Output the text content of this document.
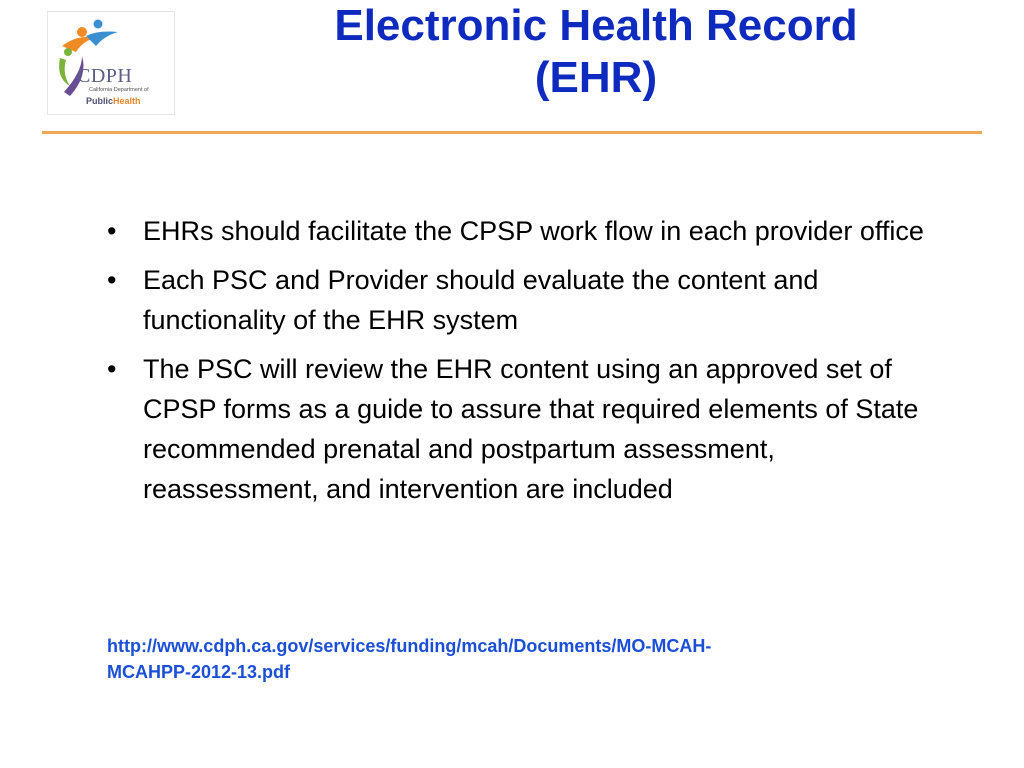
CDPH
California Department of
PublicHealth
Electronic Health Record
(EHR)
• EHRs should facilitate the CPSP work flow in each provider office
• Each PSC and Provider should evaluate the content and functionality of the EHR system
• The PSC will review the EHR content using an approved set of CPSP forms as a guide to assure that required elements of State recommended prenatal and postpartum assessment, reassessment, and intervention are included
http://www.cdph.ca.gov/services/funding/mcah/Documents/MO-MCAH-
MCAHPP-2012-13.pdf
